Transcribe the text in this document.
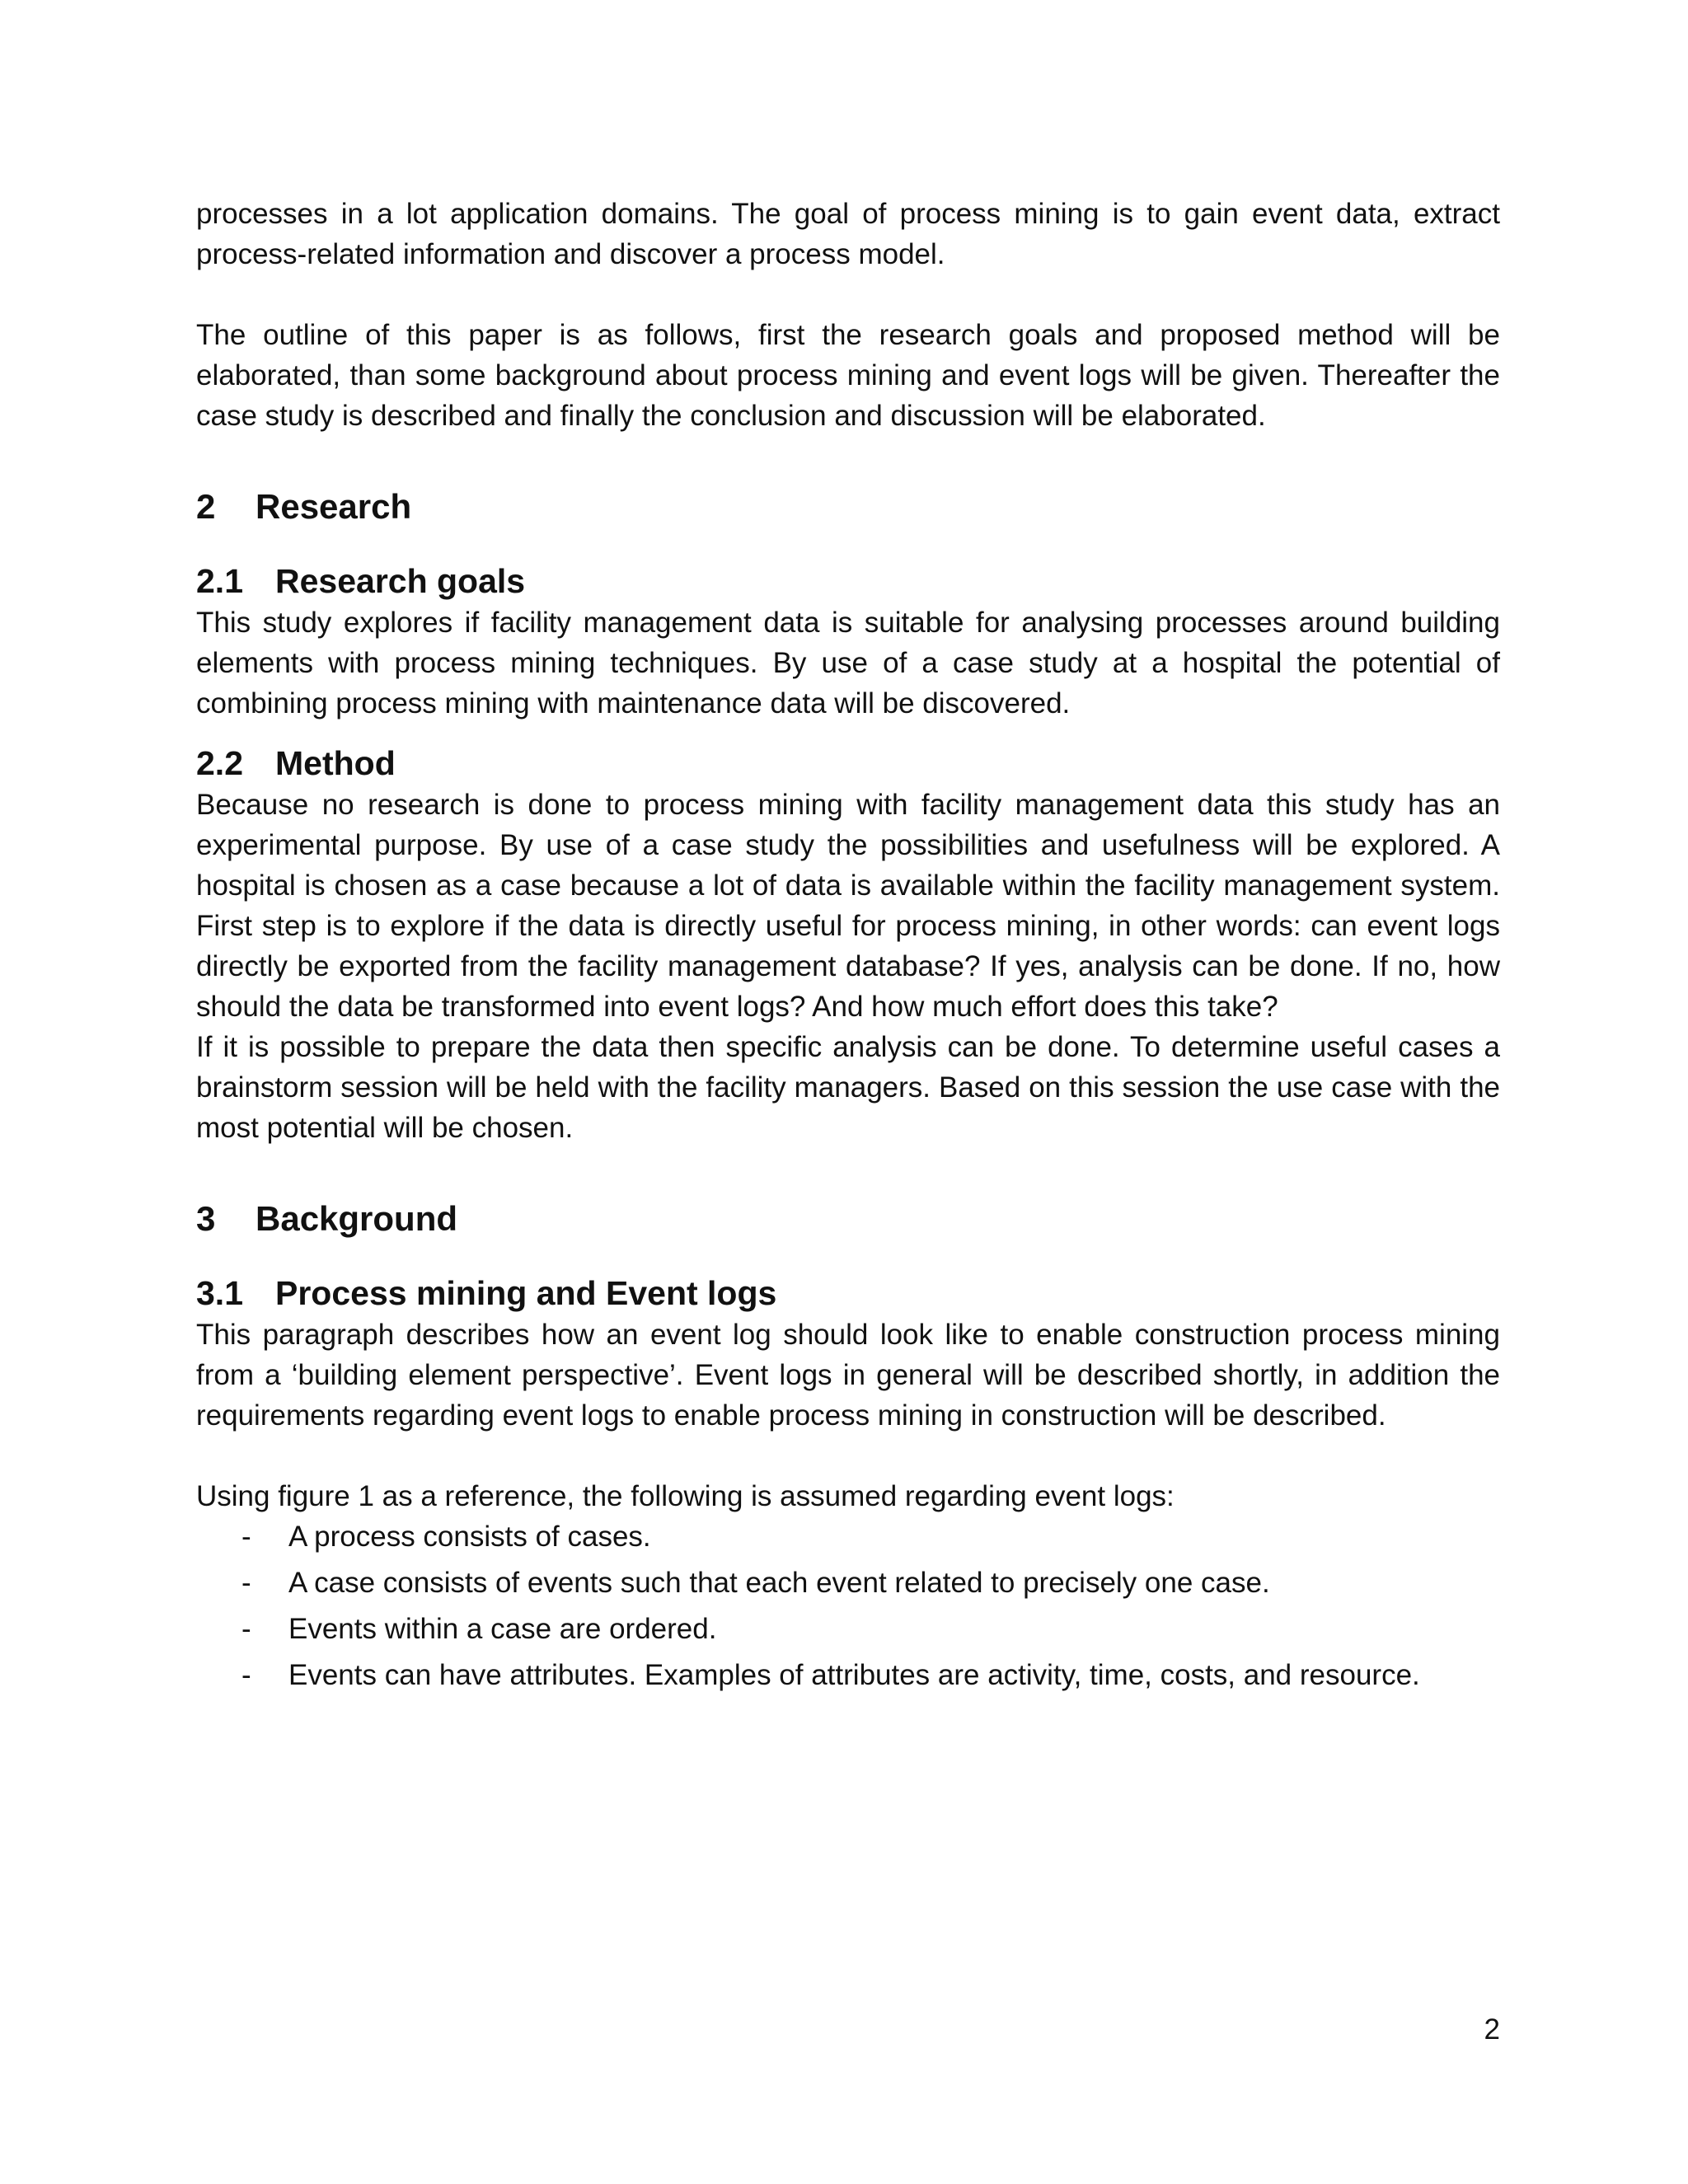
processes in a lot application domains. The goal of process mining is to gain event data, extract process-related information and discover a process model.

The outline of this paper is as follows, first the research goals and proposed method will be elaborated, than some background about process mining and event logs will be given. Thereafter the case study is described and finally the conclusion and discussion will be elaborated.

2	Research
2.1 Research goals

This study explores if facility management data is suitable for analysing processes around building elements with process mining techniques. By use of a case study at a hospital the potential of combining process mining with maintenance data will be discovered.

2.2 Method

Because no research is done to process mining with facility management data this study has an experimental purpose. By use of a case study the possibilities and usefulness will be explored. A hospital is chosen as a case because a lot of data is available within the facility management system. First step is to explore if the data is directly useful for process mining, in other words: can event logs directly be exported from the facility management database? If yes, analysis can be done. If no, how should the data be transformed into event logs? And how much effort does this take?

If it is possible to prepare the data then specific analysis can be done. To determine useful cases a brainstorm session will be held with the facility managers. Based on this session the use case with the most potential will be chosen.

3	Background
3.1 Process mining and Event logs

This paragraph describes how an event log should look like to enable construction process mining from a ‘building element perspective’. Event logs in general will be described shortly, in addition the requirements regarding event logs to enable process mining in construction will be described.

Using figure 1 as a reference, the following is assumed regarding event logs:

-	A process consists of cases.
-	A case consists of events such that each event related to precisely one case.
-	Events within a case are ordered.
-	Events can have attributes. Examples of attributes are activity, time, costs, and resource.
2
